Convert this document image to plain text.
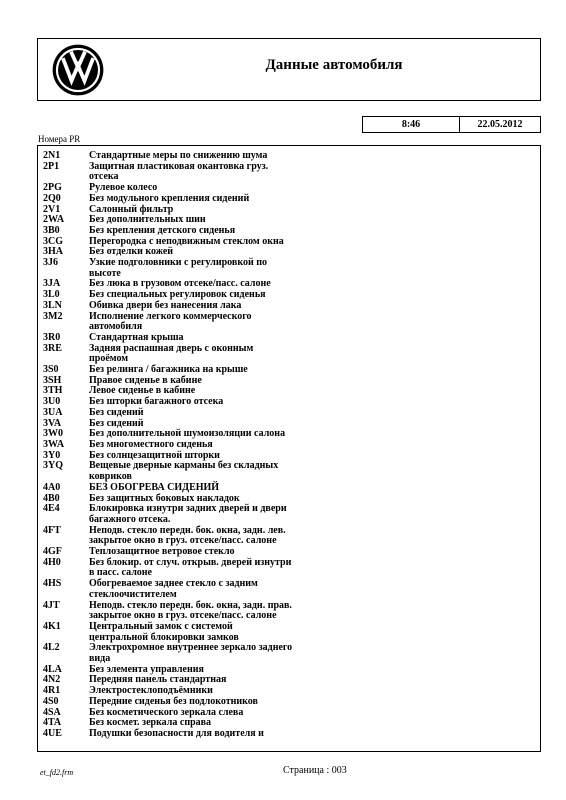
Данные автомобиля
8:46	22.05.2012
Номера PR
2N1	Стандартные меры по снижению шума
2P1	Защитная пластиковая окантовка груз. отсека
2PG	Рулевое колесо
2Q0	Без модульного крепления сидений
2V1	Салонный фильтр
2WA	Без дополнительных шин
3B0	Без крепления детского сиденья
3CG	Перегородка с неподвижным стеклом окна
3HA	Без отделки кожей
3J6	Узкие подголовники с регулировкой по высоте
3JA	Без люка в грузовом отсеке/пасс. салоне
3L0	Без специальных регулировок сиденья
3LN	Обивка двери без нанесения лака
3M2	Исполнение легкого коммерческого автомобиля
3R0	Стандартная крыша
3RE	Задняя распашная дверь с оконным проёмом
3S0	Без релинга / багажника на крыше
3SH	Правое сиденье в кабине
3TH	Левое сиденье в кабине
3U0	Без шторки багажного отсека
3UA	Без сидений
3VA	Без сидений
3W0	Без дополнительной шумоизоляции салона
3WA	Без многоместного сиденья
3Y0	Без солнцезащитной шторки
3YQ	Вещевые дверные карманы без складных ковриков
4A0	БЕЗ ОБОГРЕВА СИДЕНИЙ
4B0	Без защитных боковых накладок
4E4	Блокировка изнутри задних дверей и двери багажного отсека.
4FT	Неподв. стекло передн. бок. окна, задн. лев. закрытое окно в груз. отсеке/пасс. салоне
4GF	Теплозащитное ветровое стекло
4H0	Без блокир. от случ. открыв. дверей изнутри в пасс. салоне
4HS	Обогреваемое заднее стекло с задним стеклоочистителем
4JT	Неподв. стекло передн. бок. окна, задн. прав. закрытое окно в груз. отсеке/пасс. салоне
4K1	Центральный замок с системой центральной блокировки замков
4L2	Электрохромное внутреннее зеркало заднего вида
4LA	Без элемента управления
4N2	Передняя панель стандартная
4R1	Электростеклоподъёмники
4S0	Передние сиденья без подлокотников
4SA	Без косметического зеркала слева
4TA	Без космет. зеркала справа
4UE	Подушки безопасности для водителя и
et_fd2.frm	Страница : 003
